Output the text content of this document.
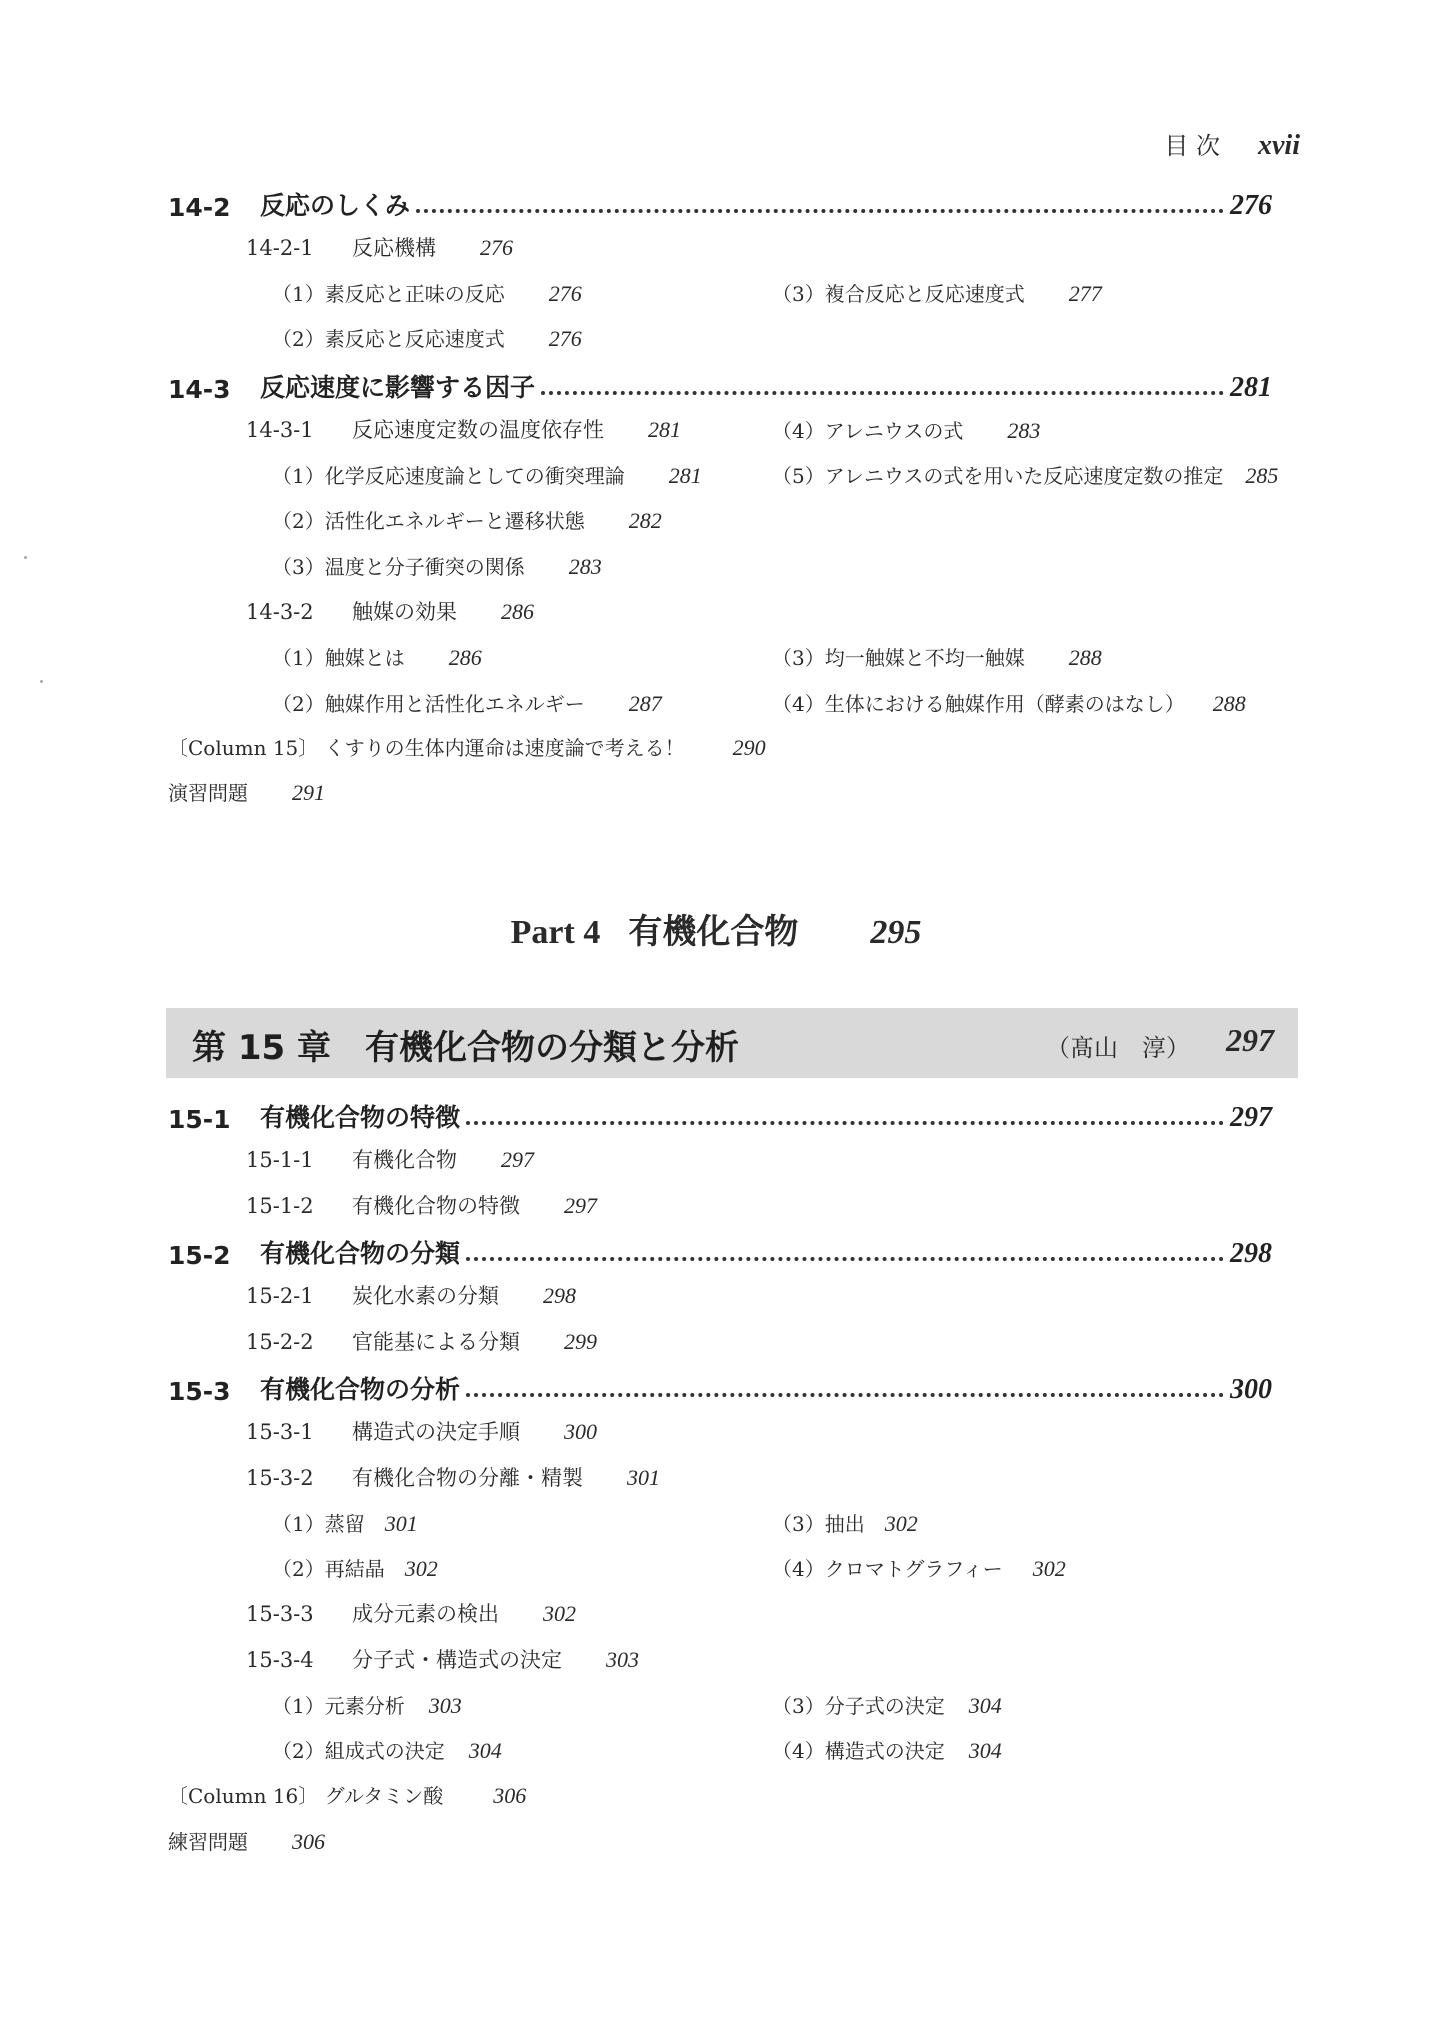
目 次 xvii
14-2	反応のしくみ	276
14-2-1 反応機構 276
（1）素反応と正味の反応 276
（2）素反応と反応速度式 276
（3）複合反応と反応速度式 277
14-3	反応速度に影響する因子	281
14-3-1 反応速度定数の温度依存性 281
（1）化学反応速度論としての衝突理論 281
（2）活性化エネルギーと遷移状態 282
（3）温度と分子衝突の関係 283
（4）アレニウスの式 283
（5）アレニウスの式を用いた反応速度定数の推定 285
14-3-2 触媒の効果 286
（1）触媒とは 286
（2）触媒作用と活性化エネルギー 287
（3）均一触媒と不均一触媒 288
（4）生体における触媒作用（酵素のはなし） 288
〔Column 15〕 くすりの生体内運命は速度論で考える！ 290
演習問題 291
Part 4 有機化合物 295
第 15 章 有機化合物の分類と分析	（髙山　淳） 297
15-1	有機化合物の特徴	297
15-1-1 有機化合物 297
15-1-2 有機化合物の特徴 297
15-2	有機化合物の分類	298
15-2-1 炭化水素の分類 298
15-2-2 官能基による分類 299
15-3	有機化合物の分析	300
15-3-1 構造式の決定手順 300
15-3-2 有機化合物の分離・精製 301
（1）蒸留 301
（2）再結晶 302
（3）抽出 302
（4）クロマトグラフィー 302
15-3-3 成分元素の検出 302
15-3-4 分子式・構造式の決定 303
（1）元素分析 303
（2）組成式の決定 304
（3）分子式の決定 304
（4）構造式の決定 304
〔Column 16〕 グルタミン酸 306
練習問題 306
